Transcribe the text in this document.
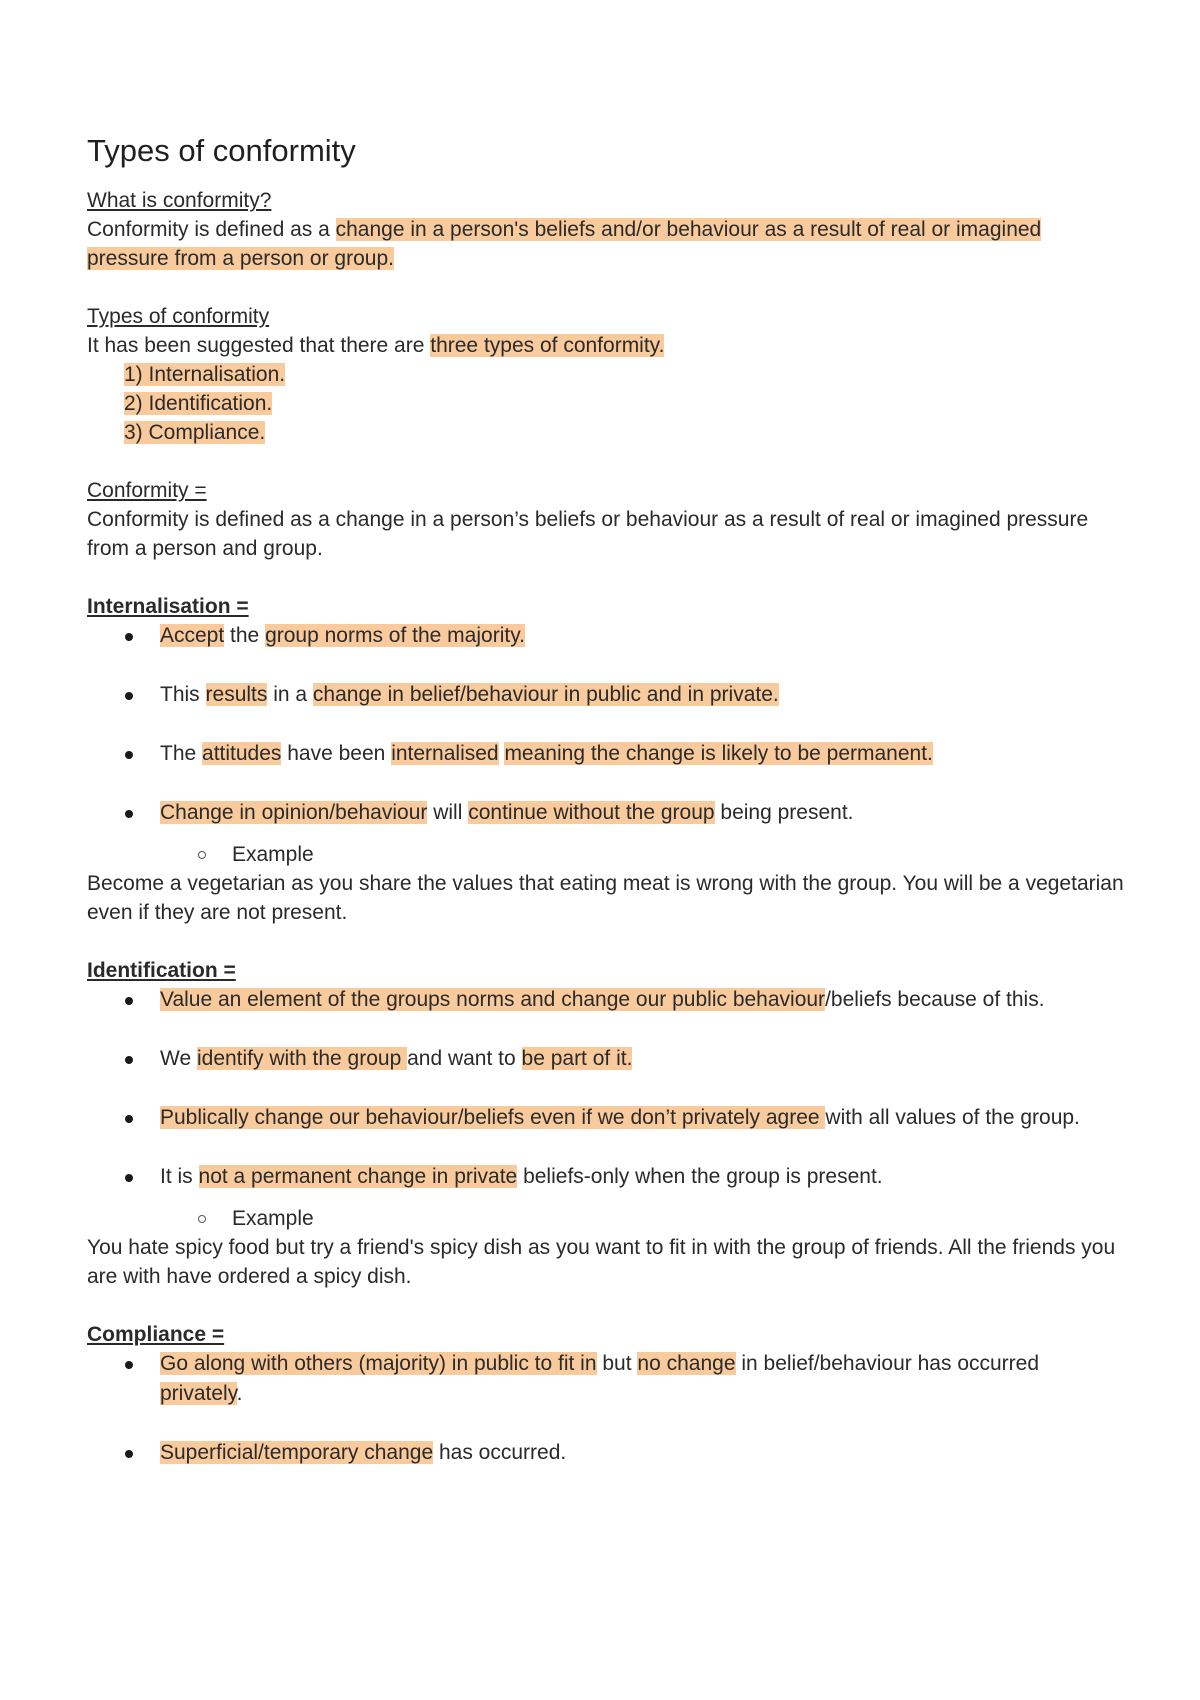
Types of conformity

What is conformity?

Conformity is defined as a change in a person's beliefs and/or behaviour as a result of real or imagined pressure from a person or group.

Types of conformity

It has been suggested that there are three types of conformity.

1) Internalisation.
2) Identification.
3) Compliance.

Conformity =

Conformity is defined as a change in a person’s beliefs or behaviour as a result of real or imagined pressure from a person and group.

Internalisation =

Accept the group norms of the majority.
This results in a change in belief/behaviour in public and in private.
The attitudes have been internalised meaning the change is likely to be permanent.
Change in opinion/behaviour will continue without the group being present.
Example

Become a vegetarian as you share the values that eating meat is wrong with the group. You will be a vegetarian even if they are not present.

Identification =

Value an element of the groups norms and change our public behaviour/beliefs because of this.
We identify with the group and want to be part of it.
Publically change our behaviour/beliefs even if we don’t privately agree with all values of the group.
It is not a permanent change in private beliefs-only when the group is present.
Example

You hate spicy food but try a friend's spicy dish as you want to fit in with the group of friends. All the friends you are with have ordered a spicy dish.

Compliance =

Go along with others (majority) in public to fit in but no change in belief/behaviour has occurred privately.
Superficial/temporary change has occurred.
